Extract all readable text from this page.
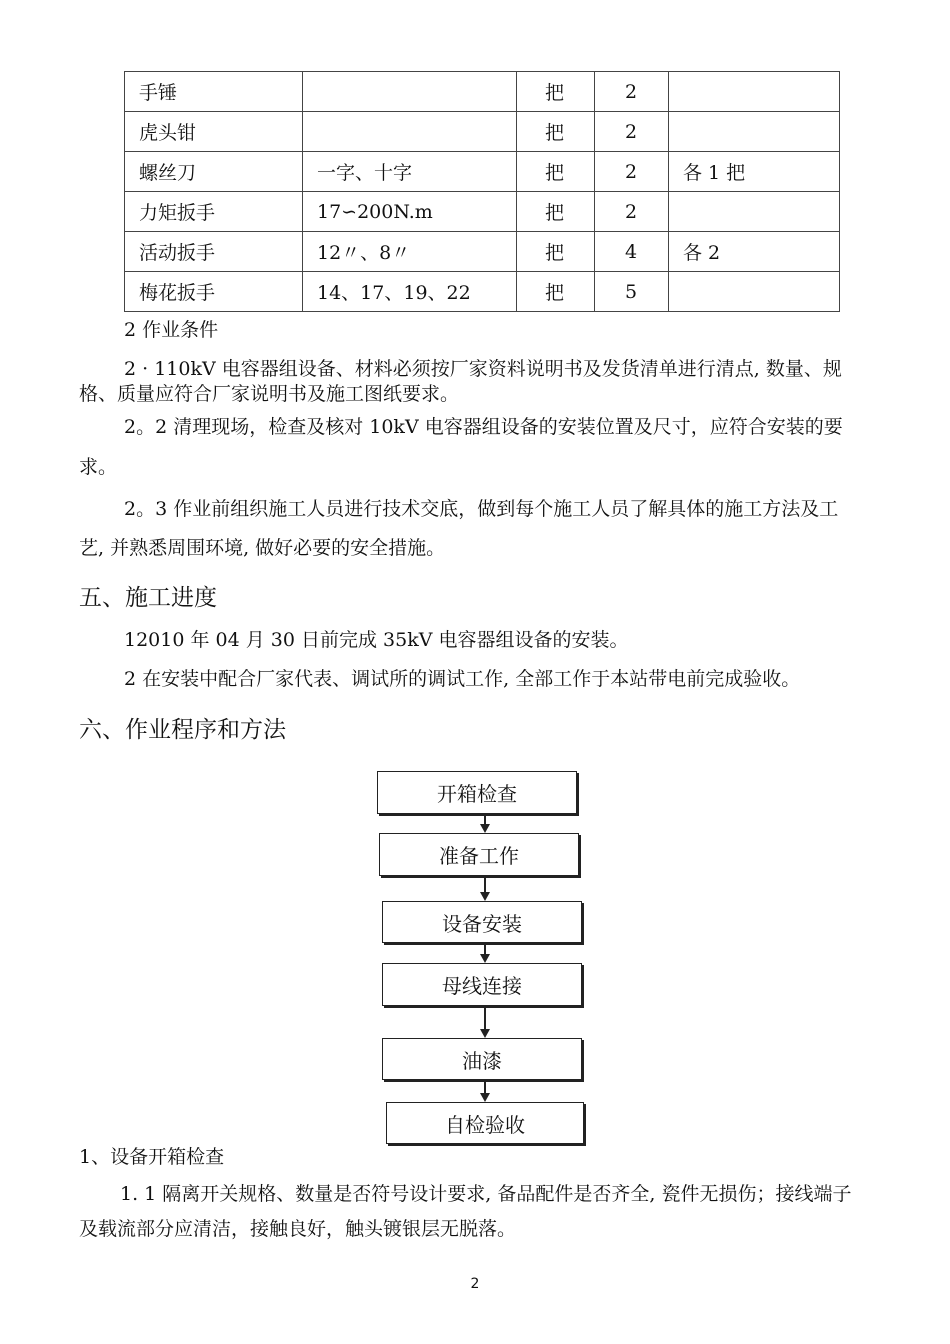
手锤		把	2	
虎头钳		把	2	
螺丝刀	一字、十字	把	2	各 1 把
力矩扳手	17∽200N.m	把	2	
活动扳手	12〃、8〃	把	4	各 2
梅花扳手	14、17、19、22	把	5	
2 作业条件
2 · 110kV 电容器组设备、材料必须按厂家资料说明书及发货清单进行清点, 数量、规
格、质量应符合厂家说明书及施工图纸要求。
2。2 清理现场，检查及核对 10kV 电容器组设备的安装位置及尺寸，应符合安装的要
求。
2。3 作业前组织施工人员进行技术交底，做到每个施工人员了解具体的施工方法及工
艺, 并熟悉周围环境, 做好必要的安全措施。
五、施工进度
12010 年 04 月 30 日前完成 35kV 电容器组设备的安装。
2 在安装中配合厂家代表、调试所的调试工作, 全部工作于本站带电前完成验收。
六、作业程序和方法
开箱检查
准备工作
设备安装
母线连接
油漆
自检验收
1、设备开箱检查
1. 1 隔离开关规格、数量是否符号设计要求, 备品配件是否齐全, 瓷件无损伤；接线端子
及载流部分应清洁，接触良好，触头镀银层无脱落。
2
